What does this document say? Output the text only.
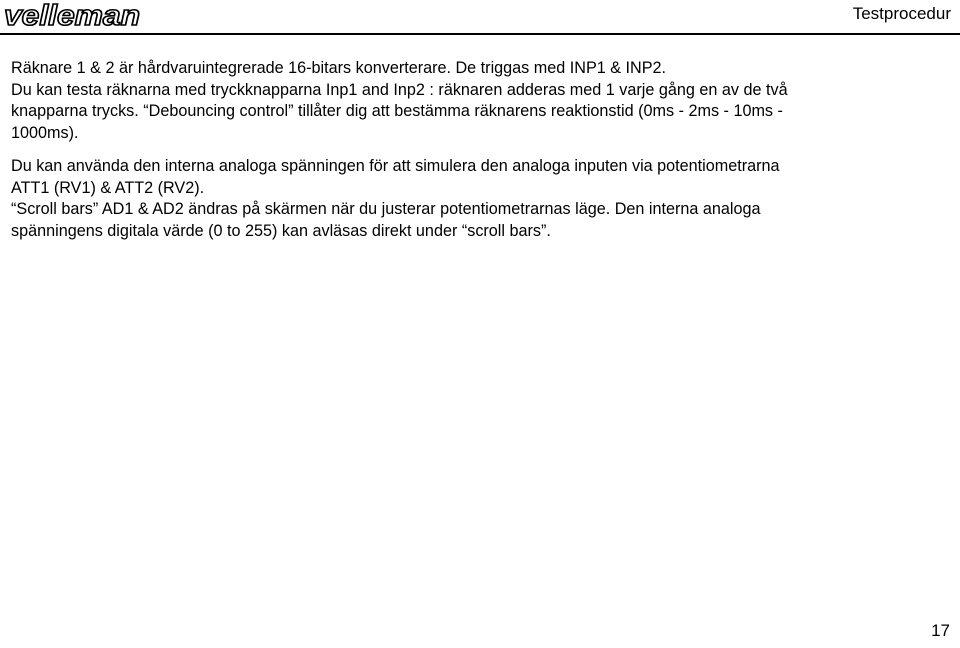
velleman	Testprocedur

Räknare 1 & 2 är hårdvaruintegrerade 16-bitars konverterare. De triggas med INP1 & INP2.

Du kan testa räknarna med tryckknapparna Inp1 and Inp2 : räknaren adderas med 1 varje gång en av de två

knapparna trycks. “Debouncing control” tillåter dig att bestämma räknarens reaktionstid (0ms - 2ms - 10ms -

1000ms).

Du kan använda den interna analoga spänningen för att simulera den analoga inputen via potentiometrarna

ATT1 (RV1) & ATT2 (RV2).

“Scroll bars” AD1 & AD2 ändras på skärmen när du justerar potentiometrarnas läge. Den interna analoga

spänningens digitala värde (0 to 255) kan avläsas direkt under “scroll bars”.

17
